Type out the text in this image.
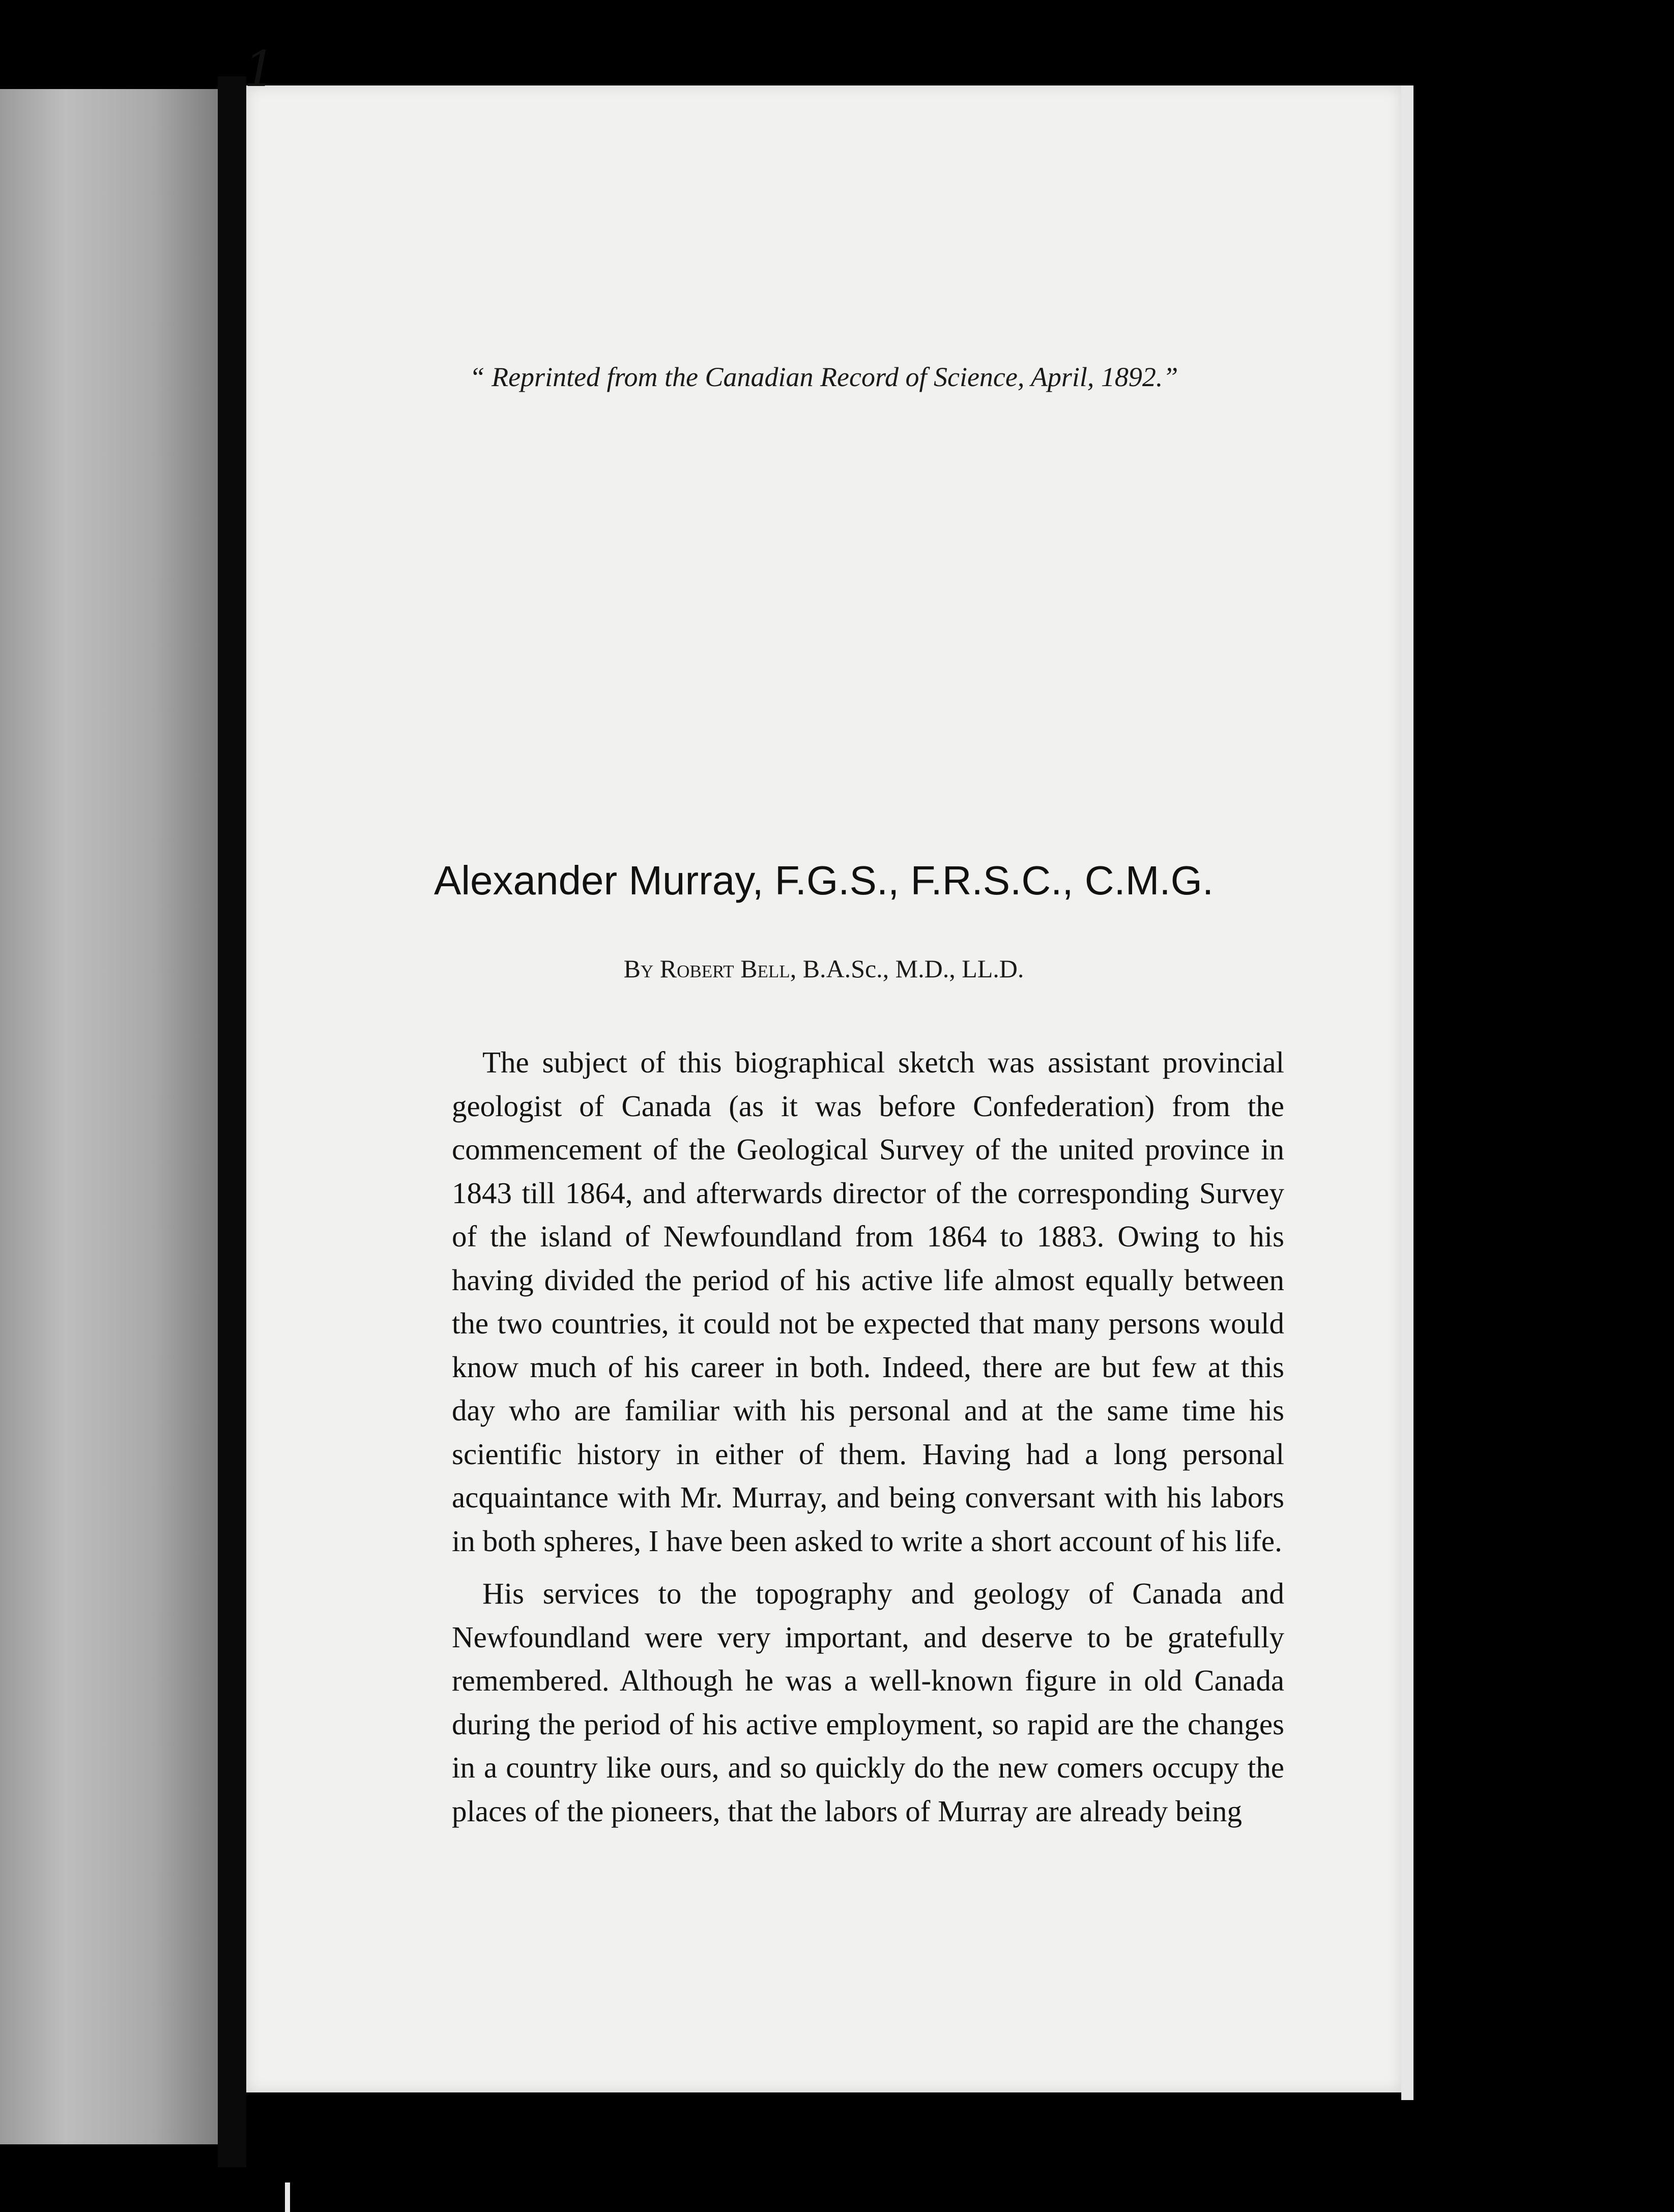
1
“ Reprinted from the Canadian Record of Science, April, 1892.”
Alexander Murray, F.G.S., F.R.S.C., C.M.G.
By Robert Bell, B.A.Sc., M.D., LL.D.

The subject of this biographical sketch was assistant provincial geologist of Canada (as it was before Confederation) from the commencement of the Geological Survey of the united province in 1843 till 1864, and afterwards director of the corresponding Survey of the island of Newfoundland from 1864 to 1883. Owing to his having divided the period of his active life almost equally between the two countries, it could not be expected that many persons would know much of his career in both. Indeed, there are but few at this day who are familiar with his personal and at the same time his scientific history in either of them. Having had a long personal acquaintance with Mr. Murray, and being conversant with his labors in both spheres, I have been asked to write a short account of his life.

His services to the topography and geology of Canada and Newfoundland were very important, and deserve to be gratefully remembered. Although he was a well-known figure in old Canada during the period of his active employment, so rapid are the changes in a country like ours, and so quickly do the new comers occupy the places of the pioneers, that the labors of Murray are already being
